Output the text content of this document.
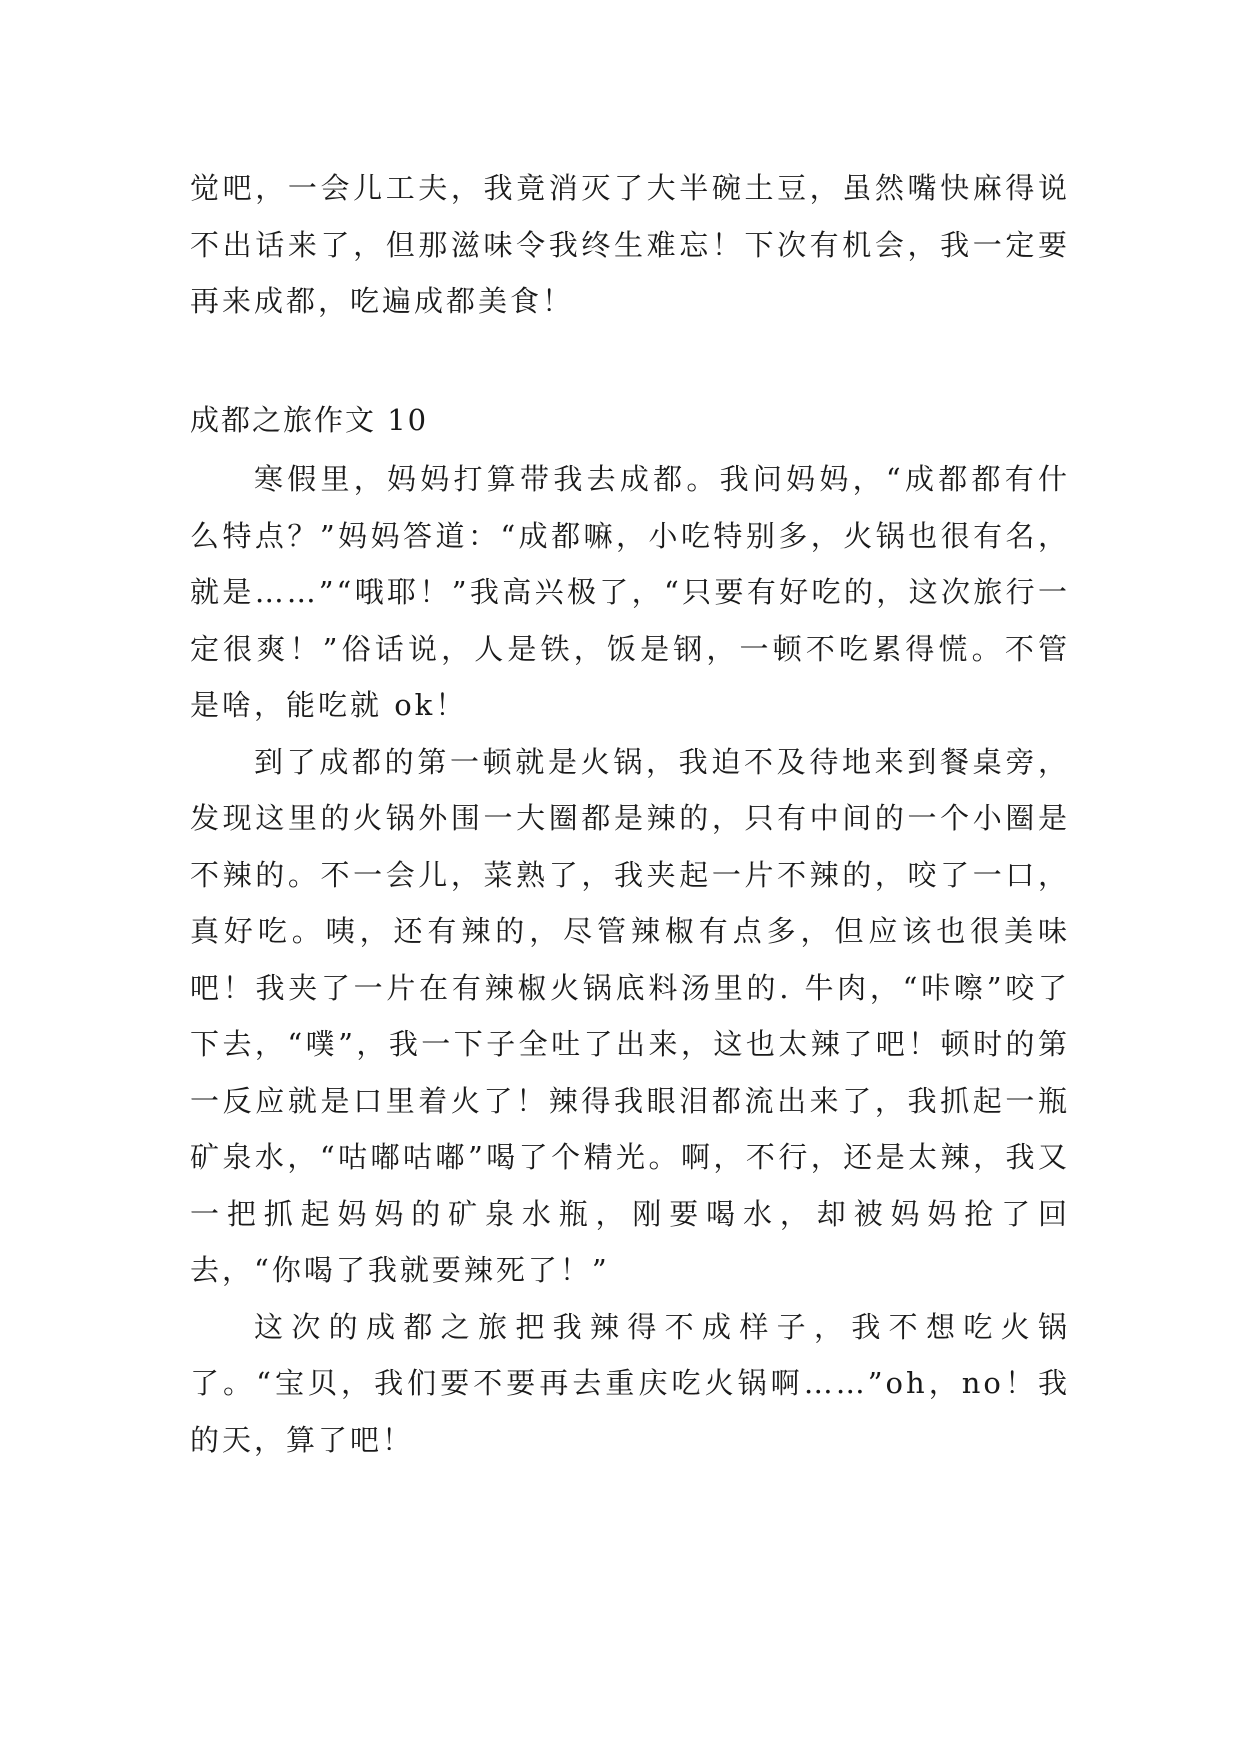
觉吧，一会儿工夫，我竟消灭了大半碗土豆，虽然嘴快麻得说不出话来了，但那滋味令我终生难忘！下次有机会，我一定要再来成都，吃遍成都美食！
成都之旅作文 10

寒假里，妈妈打算带我去成都。我问妈妈，“成都都有什么特点？”妈妈答道：“成都嘛，小吃特别多，火锅也很有名，就是……”“哦耶！”我高兴极了，“只要有好吃的，这次旅行一定很爽！”俗话说，人是铁，饭是钢，一顿不吃累得慌。不管是啥，能吃就 ok！

到了成都的第一顿就是火锅，我迫不及待地来到餐桌旁，发现这里的火锅外围一大圈都是辣的，只有中间的一个小圈是不辣的。不一会儿，菜熟了，我夹起一片不辣的，咬了一口，真好吃。咦，还有辣的，尽管辣椒有点多，但应该也很美味吧！我夹了一片在有辣椒火锅底料汤里的. 牛肉，“咔嚓”咬了下去，“噗”，我一下子全吐了出来，这也太辣了吧！顿时的第一反应就是口里着火了！辣得我眼泪都流出来了，我抓起一瓶矿泉水，“咕嘟咕嘟”喝了个精光。啊，不行，还是太辣，我又一把抓起妈妈的矿泉水瓶，刚要喝水，却被妈妈抢了回去，“你喝了我就要辣死了！”

这次的成都之旅把我辣得不成样子，我不想吃火锅了。“宝贝，我们要不要再去重庆吃火锅啊……”oh，no！我的天，算了吧！
